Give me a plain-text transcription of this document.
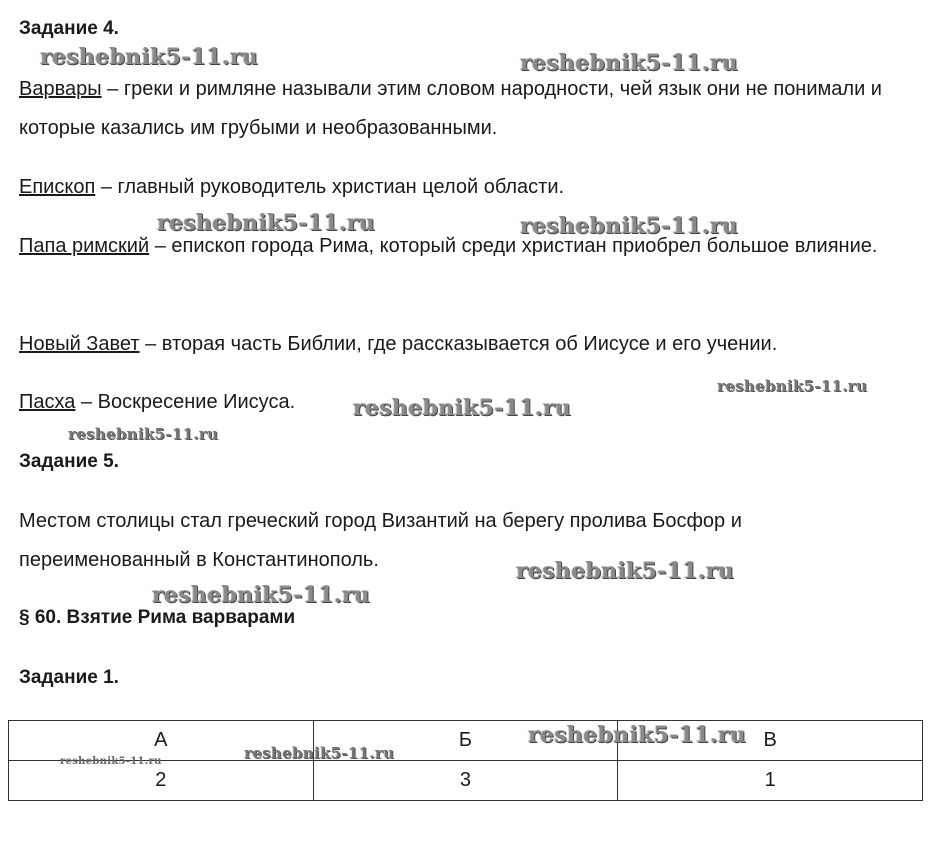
Задание 4.
Варвары – греки и римляне называли этим словом народности, чей язык они не понимали и которые казались им грубыми и необразованными.
Епископ – главный руководитель христиан целой области.
Папа римский – епископ города Рима, который среди христиан приобрел большое влияние.
Новый Завет – вторая часть Библии, где рассказывается об Иисусе и его учении.
Пасха – Воскресение Иисуса.
Задание 5.
Местом столицы стал греческий город Византий на берегу пролива Босфор и переименованный в Константинополь.
§ 60. Взятие Рима варварами
Задание 1.
А	Б	В
2	3	1
reshebnik5-11.ru	reshebnik5-11.ru
reshebnik5-11.ru	reshebnik5-11.ru
reshebnik5-11.ru
reshebnik5-11.ru
reshebnik5-11.ru
reshebnik5-11.ru
reshebnik5-11.ru
reshebnik5-11.ru
reshebnik5-11.ru
reshebnik5-11.ru
